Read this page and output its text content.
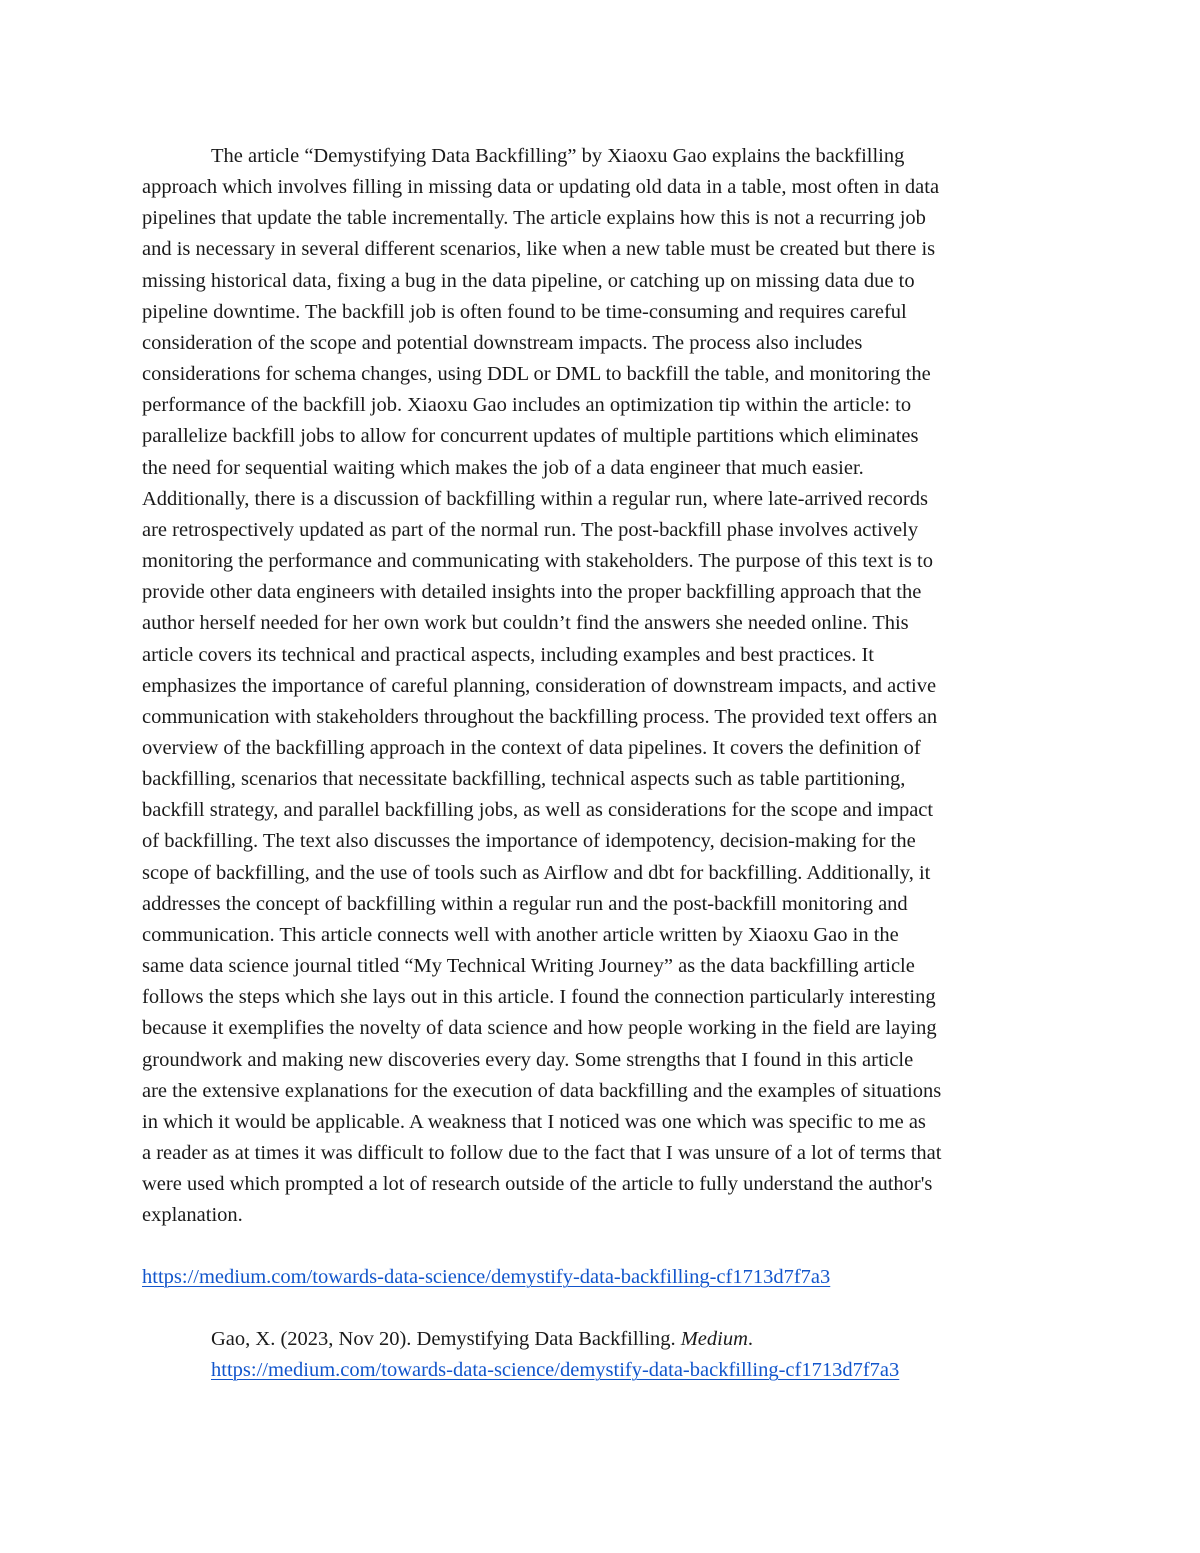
The article “Demystifying Data Backfilling” by Xiaoxu Gao explains the backfilling
approach which involves filling in missing data or updating old data in a table, most often in data
pipelines that update the table incrementally. The article explains how this is not a recurring job
and is necessary in several different scenarios, like when a new table must be created but there is
missing historical data, fixing a bug in the data pipeline, or catching up on missing data due to
pipeline downtime. The backfill job is often found to be time-consuming and requires careful
consideration of the scope and potential downstream impacts. The process also includes
considerations for schema changes, using DDL or DML to backfill the table, and monitoring the
performance of the backfill job. Xiaoxu Gao includes an optimization tip within the article: to
parallelize backfill jobs to allow for concurrent updates of multiple partitions which eliminates
the need for sequential waiting which makes the job of a data engineer that much easier.
Additionally, there is a discussion of backfilling within a regular run, where late-arrived records
are retrospectively updated as part of the normal run. The post-backfill phase involves actively
monitoring the performance and communicating with stakeholders. The purpose of this text is to
provide other data engineers with detailed insights into the proper backfilling approach that the
author herself needed for her own work but couldn’t find the answers she needed online. This
article covers its technical and practical aspects, including examples and best practices. It
emphasizes the importance of careful planning, consideration of downstream impacts, and active
communication with stakeholders throughout the backfilling process. The provided text offers an
overview of the backfilling approach in the context of data pipelines. It covers the definition of
backfilling, scenarios that necessitate backfilling, technical aspects such as table partitioning,
backfill strategy, and parallel backfilling jobs, as well as considerations for the scope and impact
of backfilling. The text also discusses the importance of idempotency, decision-making for the
scope of backfilling, and the use of tools such as Airflow and dbt for backfilling. Additionally, it
addresses the concept of backfilling within a regular run and the post-backfill monitoring and
communication. This article connects well with another article written by Xiaoxu Gao in the
same data science journal titled “My Technical Writing Journey” as the data backfilling article
follows the steps which she lays out in this article. I found the connection particularly interesting
because it exemplifies the novelty of data science and how people working in the field are laying
groundwork and making new discoveries every day. Some strengths that I found in this article
are the extensive explanations for the execution of data backfilling and the examples of situations
in which it would be applicable. A weakness that I noticed was one which was specific to me as
a reader as at times it was difficult to follow due to the fact that I was unsure of a lot of terms that
were used which prompted a lot of research outside of the article to fully understand the author's
explanation.

https://medium.com/towards-data-science/demystify-data-backfilling-cf1713d7f7a3

Gao, X. (2023, Nov 20). Demystifying Data Backfilling. Medium.
https://medium.com/towards-data-science/demystify-data-backfilling-cf1713d7f7a3
